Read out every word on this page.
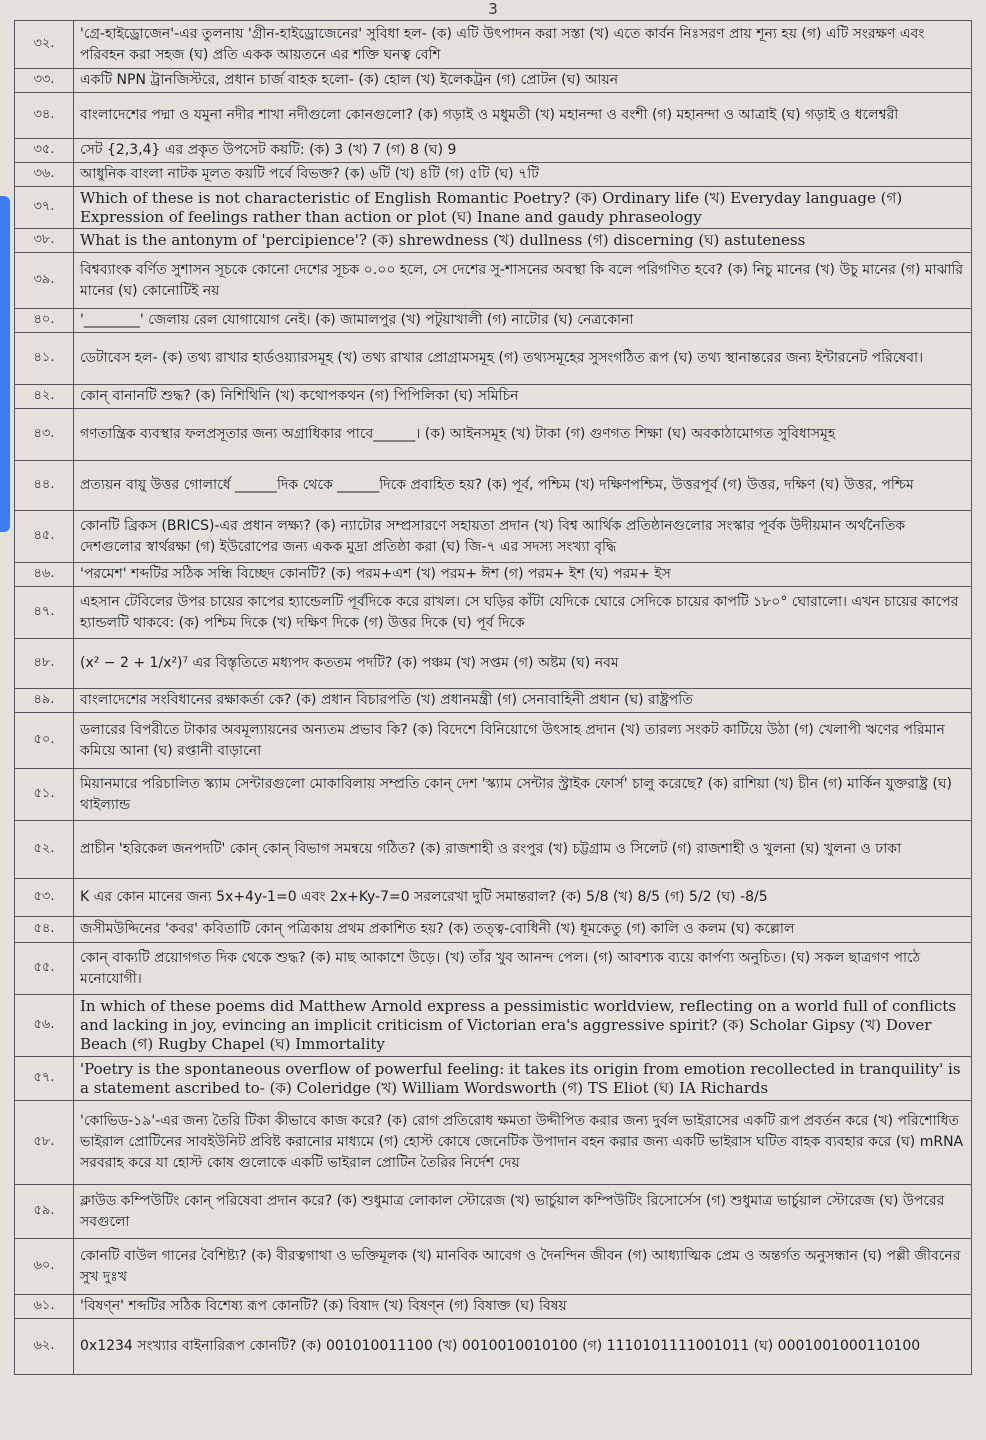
3
৩২.	'গ্রে-হাইড্রোজেন'-এর তুলনায় 'গ্রীন-হাইড্রোজেনের' সুবিধা হল- (ক) এটি উৎপাদন করা সস্তা (খ) এতে কার্বন নিঃসরণ প্রায় শূন্য হয় (গ) এটি সংরক্ষণ এবং পরিবহন করা সহজ (ঘ) প্রতি একক আয়তনে এর শক্তি ঘনত্ব বেশি
৩৩.	একটি NPN ট্রানজিস্টরে, প্রধান চার্জ বাহক হলো- (ক) হোল (খ) ইলেকট্রন (গ) প্রোটন (ঘ) আয়ন
৩৪.	বাংলাদেশের পদ্মা ও যমুনা নদীর শাখা নদীগুলো কোনগুলো? (ক) গড়াই ও মধুমতী (খ) মহানন্দা ও বংশী (গ) মহানন্দা ও আত্রাই (ঘ) গড়াই ও ধলেশ্বরী
৩৫.	সেট {2,3,4} এর প্রকৃত উপসেট কয়টি: (ক) 3 (খ) 7 (গ) 8 (ঘ) 9
৩৬.	আধুনিক বাংলা নাটক মূলত কয়টি পর্বে বিভক্ত? (ক) ৬টি (খ) ৪টি (গ) ৫টি (ঘ) ৭টি
৩৭.	Which of these is not characteristic of English Romantic Poetry? (ক) Ordinary life (খ) Everyday language (গ) Expression of feelings rather than action or plot (ঘ) Inane and gaudy phraseology
৩৮.	What is the antonym of 'percipience'? (ক) shrewdness (খ) dullness (গ) discerning (ঘ) astuteness
৩৯.	বিশ্বব্যাংক বর্ণিত সুশাসন সূচকে কোনো দেশের সূচক ০.০০ হলে, সে দেশের সু-শাসনের অবস্থা কি বলে পরিগণিত হবে? (ক) নিচু মানের (খ) উচু মানের (গ) মাঝারি মানের (ঘ) কোনোটিই নয়
৪০.	'________' জেলায় রেল যোগাযোগ নেই। (ক) জামালপুর (খ) পটুয়াখালী (গ) নাটোর (ঘ) নেত্রকোনা
৪১.	ডেটাবেস হল- (ক) তথ্য রাখার হার্ডওয়্যারসমূহ (খ) তথ্য রাখার প্রোগ্রামসমূহ (গ) তথ্যসমূহের সুসংগঠিত রূপ (ঘ) তথ্য স্থানান্তরের জন্য ইন্টারনেট পরিষেবা।
৪২.	কোন্ বানানটি শুদ্ধ? (ক) নিশিথিনি (খ) কথোপকথন (গ) পিপিলিকা (ঘ) সমিচিন
৪৩.	গণতান্ত্রিক ব্যবস্থার ফলপ্রসূতার জন্য অগ্রাধিকার পাবে______। (ক) আইনসমূহ (খ) টাকা (গ) গুণগত শিক্ষা (ঘ) অবকাঠামোগত সুবিধাসমূহ
৪৪.	প্রত্যয়ন বায়ু উত্তর গোলার্ধে ______দিক থেকে ______দিকে প্রবাহিত হয়? (ক) পূর্ব, পশ্চিম (খ) দক্ষিণপশ্চিম, উত্তরপূর্ব (গ) উত্তর, দক্ষিণ (ঘ) উত্তর, পশ্চিম
৪৫.	কোনটি ব্রিকস (BRICS)-এর প্রধান লক্ষ্য? (ক) ন্যাটোর সম্প্রসারণে সহায়তা প্রদান (খ) বিশ্ব আর্থিক প্রতিষ্ঠানগুলোর সংস্কার পূর্বক উদীয়মান অর্থনৈতিক দেশগুলোর স্বার্থরক্ষা (গ) ইউরোপের জন্য একক মুদ্রা প্রতিষ্ঠা করা (ঘ) জি-৭ এর সদস্য সংখ্যা বৃদ্ধি
৪৬.	'পরমেশ' শব্দটির সঠিক সন্ধি বিচ্ছেদ কোনটি? (ক) পরম+এশ (খ) পরম+ ঈশ (গ) পরম+ ইশ (ঘ) পরম+ ইস
৪৭.	এহসান টেবিলের উপর চায়ের কাপের হ্যান্ডেলটি পূর্বদিকে করে রাখল। সে ঘড়ির কাঁটা যেদিকে ঘোরে সেদিকে চায়ের কাপটি ১৮০° ঘোরালো। এখন চায়ের কাপের হ্যান্ডলটি থাকবে: (ক) পশ্চিম দিকে (খ) দক্ষিণ দিকে (গ) উত্তর দিকে (ঘ) পূর্ব দিকে
৪৮.	(x² − 2 + 1/x²)⁷ এর বিস্তৃতিতে মধ্যপদ কততম পদটি? (ক) পঞ্চম (খ) সপ্তম (গ) অষ্টম (ঘ) নবম
৪৯.	বাংলাদেশের সংবিধানের রক্ষাকর্তা কে? (ক) প্রধান বিচারপতি (খ) প্রধানমন্ত্রী (গ) সেনাবাহিনী প্রধান (ঘ) রাষ্ট্রপতি
৫০.	ডলারের বিপরীতে টাকার অবমূল্যায়নের অন্যতম প্রভাব কি? (ক) বিদেশে বিনিয়োগে উৎসাহ প্রদান (খ) তারল্য সংকট কাটিয়ে উঠা (গ) খেলাপী ঋণের পরিমান কমিয়ে আনা (ঘ) রপ্তানী বাড়ানো
৫১.	মিয়ানমারে পরিচালিত স্ক্যাম সেন্টারগুলো মোকাবিলায় সম্প্রতি কোন্ দেশ 'স্ক্যাম সেন্টার স্ট্রাইক ফোর্স' চালু করেছে? (ক) রাশিয়া (খ) চীন (গ) মার্কিন যুক্তরাষ্ট্র (ঘ) থাইল্যান্ড
৫২.	প্রাচীন 'হরিকেল জনপদটি' কোন্ কোন্ বিভাগ সমন্বয়ে গঠিত? (ক) রাজশাহী ও রংপুর (খ) চট্টগ্রাম ও সিলেট (গ) রাজশাহী ও খুলনা (ঘ) খুলনা ও ঢাকা
৫৩.	K এর কোন মানের জন্য 5x+4y-1=0 এবং 2x+Ky-7=0 সরলরেখা দুটি সমান্তরাল? (ক) 5/8 (খ) 8/5 (গ) 5/2 (ঘ) -8/5
৫৪.	জসীমউদ্দিনের 'কবর' কবিতাটি কোন্ পত্রিকায় প্রথম প্রকাশিত হয়? (ক) তত্ত্ব-বোধিনী (খ) ধূমকেতু (গ) কালি ও কলম (ঘ) কল্লোল
৫৫.	কোন্ বাক্যটি প্রয়োগগত দিক থেকে শুদ্ধ? (ক) মাছ আকাশে উড়ে। (খ) তাঁর খুব আনন্দ পেল। (গ) আবশ্যক ব্যয়ে কার্পণ্য অনুচিত। (ঘ) সকল ছাত্রগণ পাঠে মনোযোগী।
৫৬.	In which of these poems did Matthew Arnold express a pessimistic worldview, reflecting on a world full of conflicts and lacking in joy, evincing an implicit criticism of Victorian era's aggressive spirit? (ক) Scholar Gipsy (খ) Dover Beach (গ) Rugby Chapel (ঘ) Immortality
৫৭.	'Poetry is the spontaneous overflow of powerful feeling: it takes its origin from emotion recollected in tranquility' is a statement ascribed to- (ক) Coleridge (খ) William Wordsworth (গ) TS Eliot (ঘ) IA Richards
৫৮.	'কোভিড-১৯'-এর জন্য তৈরি টিকা কীভাবে কাজ করে? (ক) রোগ প্রতিরোধ ক্ষমতা উদ্দীপিত করার জন্য দুর্বল ভাইরাসের একটি রূপ প্রবর্তন করে (খ) পরিশোধিত ভাইরাল প্রোটিনের সাবইউনিট প্রবিষ্ট করানোর মাধ্যমে (গ) হোস্ট কোষে জেনেটিক উপাদান বহন করার জন্য একটি ভাইরাস ঘটিত বাহক ব্যবহার করে (ঘ) mRNA সরবরাহ করে যা হোস্ট কোষ গুলোকে একটি ভাইরাল প্রোটিন তৈরির নির্দেশ দেয়
৫৯.	ক্লাউড কম্পিউটিং কোন্ পরিষেবা প্রদান করে? (ক) শুধুমাত্র লোকাল স্টোরেজ (খ) ভার্চুয়াল কম্পিউটিং রিসোর্সেস (গ) শুধুমাত্র ভার্চুয়াল স্টোরেজ (ঘ) উপরের সবগুলো
৬০.	কোনটি বাউল গানের বৈশিষ্ট্য? (ক) বীরত্বগাথা ও ভক্তিমূলক (খ) মানবিক আবেগ ও দৈনন্দিন জীবন (গ) আধ্যাত্মিক প্রেম ও অন্তর্গত অনুসন্ধান (ঘ) পল্লী জীবনের সুখ দুঃখ
৬১.	'বিষণ্ন' শব্দটির সঠিক বিশেষ্য রূপ কোনটি? (ক) বিষাদ (খ) বিষণ্ন (গ) বিষাক্ত (ঘ) বিষয়
৬২.	0x1234 সংখ্যার বাইনারিরূপ কোনটি? (ক) 001010011100 (খ) 0010010010100 (গ) 1110101111001011 (ঘ) 0001001000110100
